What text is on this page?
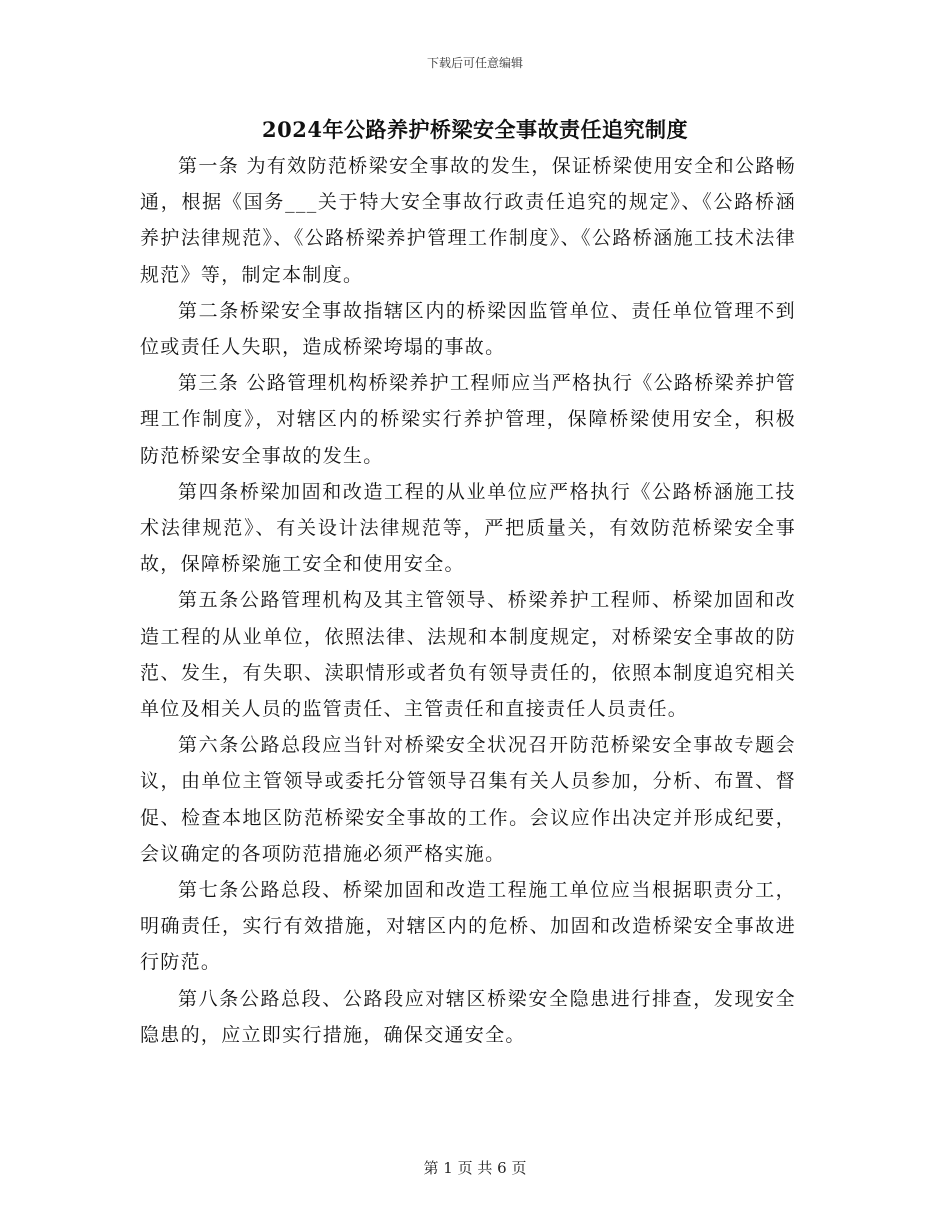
下载后可任意编辑
2024年公路养护桥梁安全事故责任追究制度

第一条 为有效防范桥梁安全事故的发生，保证桥梁使用安全和公路畅通，根据《国务___关于特大安全事故行政责任追究的规定》、《公路桥涵养护法律规范》、《公路桥梁养护管理工作制度》、《公路桥涵施工技术法律规范》等，制定本制度。

第二条桥梁安全事故指辖区内的桥梁因监管单位、责任单位管理不到位或责任人失职，造成桥梁垮塌的事故。

第三条 公路管理机构桥梁养护工程师应当严格执行《公路桥梁养护管理工作制度》，对辖区内的桥梁实行养护管理，保障桥梁使用安全，积极防范桥梁安全事故的发生。

第四条桥梁加固和改造工程的从业单位应严格执行《公路桥涵施工技术法律规范》、有关设计法律规范等，严把质量关，有效防范桥梁安全事故，保障桥梁施工安全和使用安全。

第五条公路管理机构及其主管领导、桥梁养护工程师、桥梁加固和改造工程的从业单位，依照法律、法规和本制度规定，对桥梁安全事故的防范、发生，有失职、渎职情形或者负有领导责任的，依照本制度追究相关单位及相关人员的监管责任、主管责任和直接责任人员责任。

第六条公路总段应当针对桥梁安全状况召开防范桥梁安全事故专题会议，由单位主管领导或委托分管领导召集有关人员参加，分析、布置、督促、检查本地区防范桥梁安全事故的工作。会议应作出决定并形成纪要，会议确定的各项防范措施必须严格实施。

第七条公路总段、桥梁加固和改造工程施工单位应当根据职责分工，明确责任，实行有效措施，对辖区内的危桥、加固和改造桥梁安全事故进行防范。

第八条公路总段、公路段应对辖区桥梁安全隐患进行排查，发现安全隐患的，应立即实行措施，确保交通安全。

第 1 页 共 6 页
